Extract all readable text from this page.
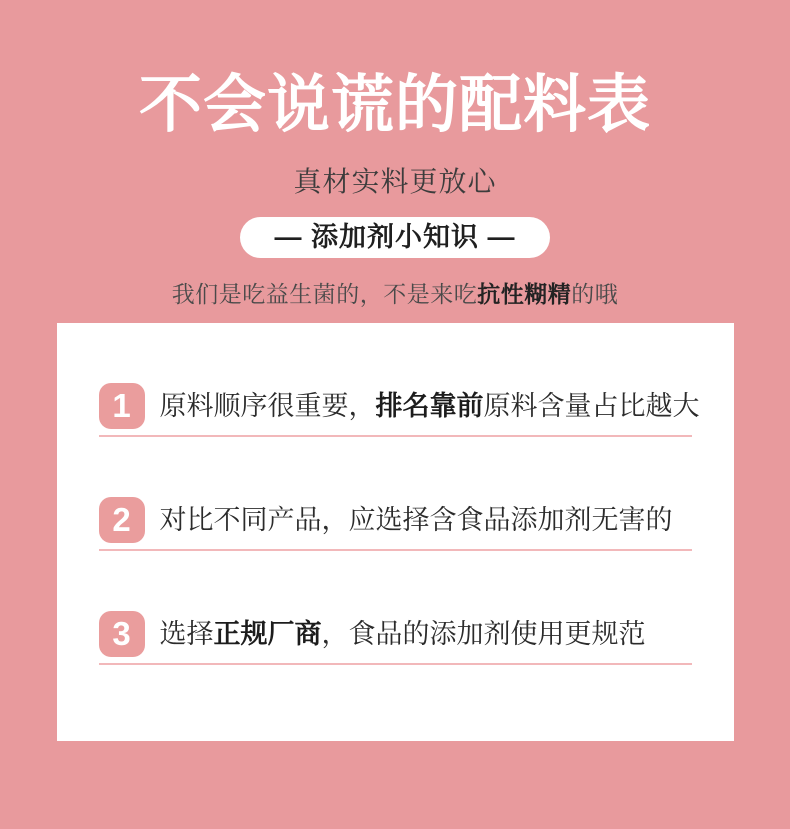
不会说谎的配料表
真材实料更放心
— 添加剂小知识 —
我们是吃益生菌的，不是来吃抗性糊精的哦
1	原料顺序很重要，排名靠前原料含量占比越大
2	对比不同产品，应选择含食品添加剂无害的
3	选择正规厂商，食品的添加剂使用更规范
